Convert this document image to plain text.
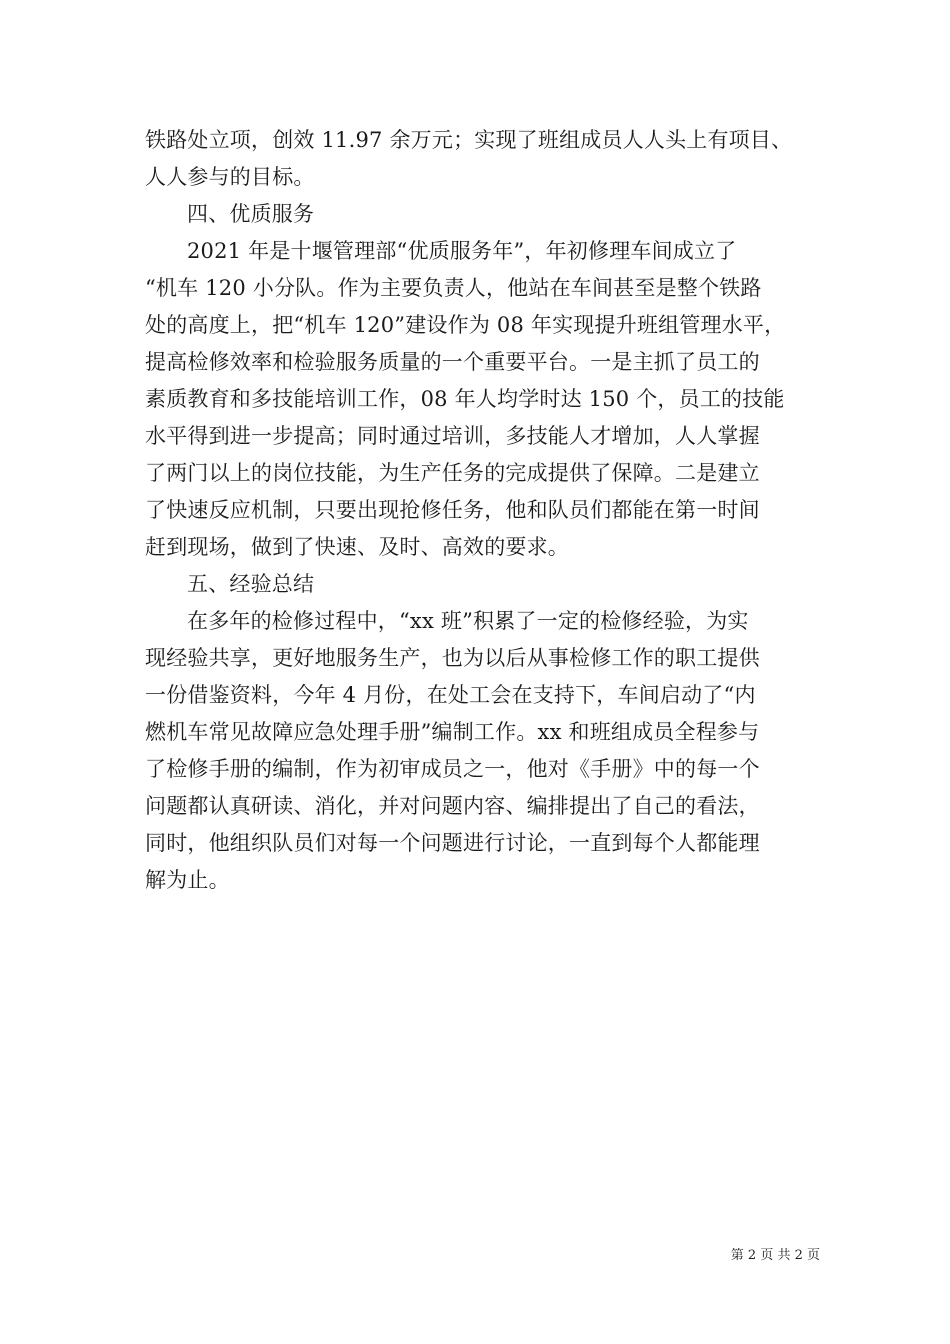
铁路处立项，创效 11.97 余万元；实现了班组成员人人头上有项目、
人人参与的目标。
四、优质服务
2021 年是十堰管理部“优质服务年”，年初修理车间成立了
“机车 120 小分队。作为主要负责人，他站在车间甚至是整个铁路
处的高度上，把“机车 120”建设作为 08 年实现提升班组管理水平，
提高检修效率和检验服务质量的一个重要平台。一是主抓了员工的
素质教育和多技能培训工作，08 年人均学时达 150 个，员工的技能
水平得到进一步提高；同时通过培训，多技能人才增加，人人掌握
了两门以上的岗位技能，为生产任务的完成提供了保障。二是建立
了快速反应机制，只要出现抢修任务，他和队员们都能在第一时间
赶到现场，做到了快速、及时、高效的要求。
五、经验总结
在多年的检修过程中，“xx 班”积累了一定的检修经验，为实
现经验共享，更好地服务生产，也为以后从事检修工作的职工提供
一份借鉴资料，今年 4 月份，在处工会在支持下，车间启动了“内
燃机车常见故障应急处理手册”编制工作。xx 和班组成员全程参与
了检修手册的编制，作为初审成员之一，他对《手册》中的每一个
问题都认真研读、消化，并对问题内容、编排提出了自己的看法，
同时，他组织队员们对每一个问题进行讨论，一直到每个人都能理
解为止。
第 2 页 共 2 页
